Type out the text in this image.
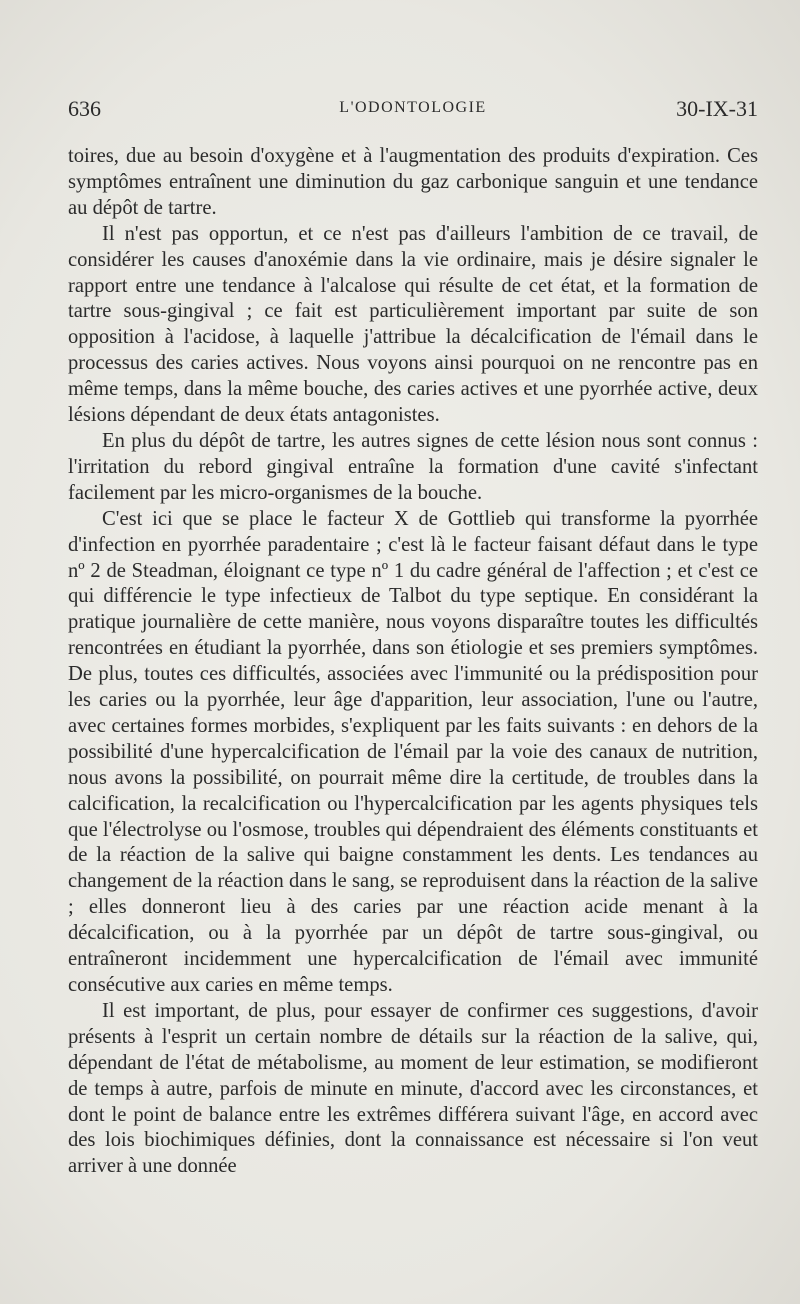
636	L'ODONTOLOGIE	30-IX-31

toires, due au besoin d'oxygène et à l'augmentation des produits d'expiration. Ces symptômes entraînent une diminution du gaz carbonique sanguin et une tendance au dépôt de tartre.

Il n'est pas opportun, et ce n'est pas d'ailleurs l'ambition de ce travail, de considérer les causes d'anoxémie dans la vie ordinaire, mais je désire signaler le rapport entre une tendance à l'alcalose qui résulte de cet état, et la formation de tartre sous-gingival ; ce fait est particulièrement important par suite de son opposition à l'acidose, à laquelle j'attribue la décalcification de l'émail dans le processus des caries actives. Nous voyons ainsi pourquoi on ne rencontre pas en même temps, dans la même bouche, des caries actives et une pyorrhée active, deux lésions dépendant de deux états antagonistes.

En plus du dépôt de tartre, les autres signes de cette lésion nous sont connus : l'irritation du rebord gingival entraîne la formation d'une cavité s'infectant facilement par les micro-organismes de la bouche.

C'est ici que se place le facteur X de Gottlieb qui transforme la pyorrhée d'infection en pyorrhée paradentaire ; c'est là le facteur faisant défaut dans le type nº 2 de Steadman, éloignant ce type nº 1 du cadre général de l'affection ; et c'est ce qui différencie le type infectieux de Talbot du type septique. En considérant la pratique journalière de cette manière, nous voyons disparaître toutes les difficultés rencontrées en étudiant la pyorrhée, dans son étiologie et ses premiers symptômes. De plus, toutes ces difficultés, associées avec l'immunité ou la prédisposition pour les caries ou la pyorrhée, leur âge d'apparition, leur association, l'une ou l'autre, avec certaines formes morbides, s'expliquent par les faits suivants : en dehors de la possibilité d'une hypercalcification de l'émail par la voie des canaux de nutrition, nous avons la possibilité, on pourrait même dire la certitude, de troubles dans la calcification, la recalcification ou l'hypercalcification par les agents physiques tels que l'électrolyse ou l'osmose, troubles qui dépendraient des éléments constituants et de la réaction de la salive qui baigne constamment les dents. Les tendances au changement de la réaction dans le sang, se reproduisent dans la réaction de la salive ; elles donneront lieu à des caries par une réaction acide menant à la décalcification, ou à la pyorrhée par un dépôt de tartre sous-gingival, ou entraîneront incidemment une hypercalcification de l'émail avec immunité consécutive aux caries en même temps.

Il est important, de plus, pour essayer de confirmer ces suggestions, d'avoir présents à l'esprit un certain nombre de détails sur la réaction de la salive, qui, dépendant de l'état de métabolisme, au moment de leur estimation, se modifieront de temps à autre, parfois de minute en minute, d'accord avec les circonstances, et dont le point de balance entre les extrêmes différera suivant l'âge, en accord avec des lois biochimiques définies, dont la connaissance est nécessaire si l'on veut arriver à une donnée
